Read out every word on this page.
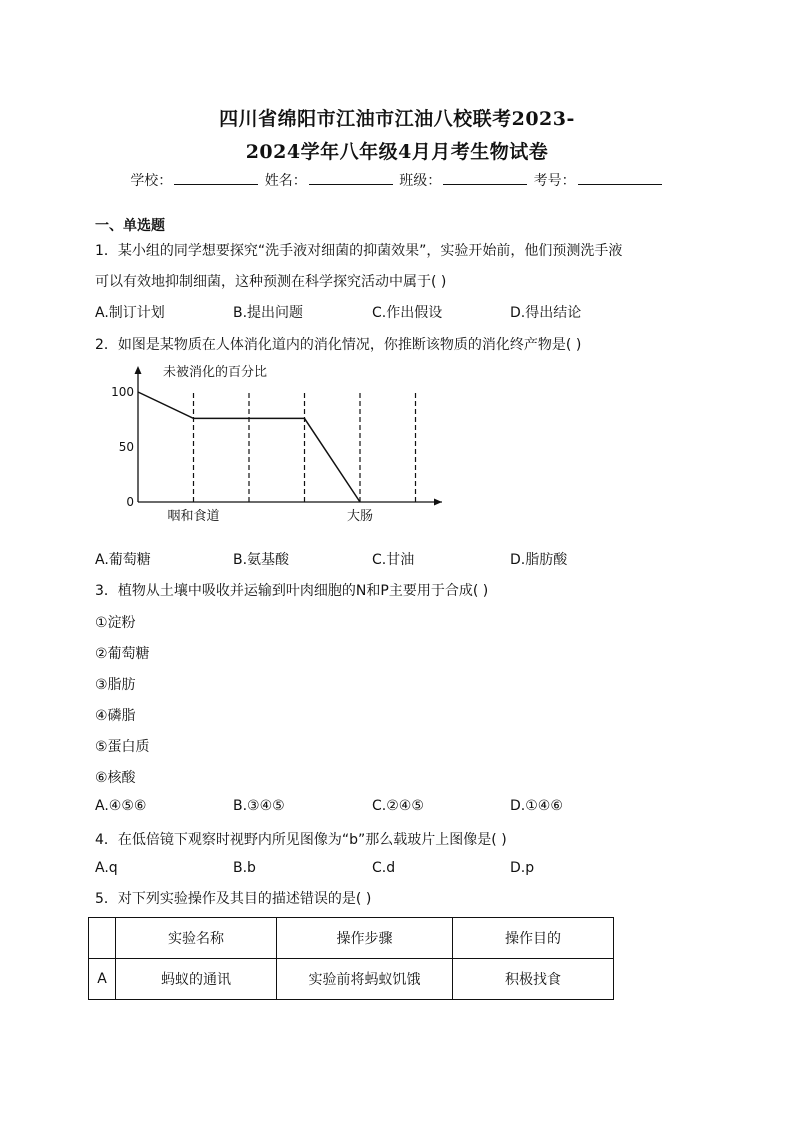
四川省绵阳市江油市江油八校联考2023-
2024学年八年级4月月考生物试卷
学校：	姓名：	班级：	考号：
一、单选题
1．某小组的同学想要探究“洗手液对细菌的抑菌效果”，实验开始前，他们预测洗手液
可以有效地抑制细菌，这种预测在科学探究活动中属于( )
A.制订计划	B.提出问题	C.作出假设	D.得出结论
2．如图是某物质在人体消化道内的消化情况，你推断该物质的消化终产物是( )
未被消化的百分比
100
50
0
咽和食道	大肠
A.葡萄糖	B.氨基酸	C.甘油	D.脂肪酸
3．植物从土壤中吸收并运输到叶肉细胞的N和P主要用于合成( )
①淀粉
②葡萄糖
③脂肪
④磷脂
⑤蛋白质
⑥核酸
A.④⑤⑥	B.③④⑤	C.②④⑤	D.①④⑥
4．在低倍镜下观察时视野内所见图像为“b”那么载玻片上图像是( )
A.q	B.b	C.d	D.p
5．对下列实验操作及其目的描述错误的是( )
	实验名称	操作步骤	操作目的
A	蚂蚁的通讯	实验前将蚂蚁饥饿	积极找食
